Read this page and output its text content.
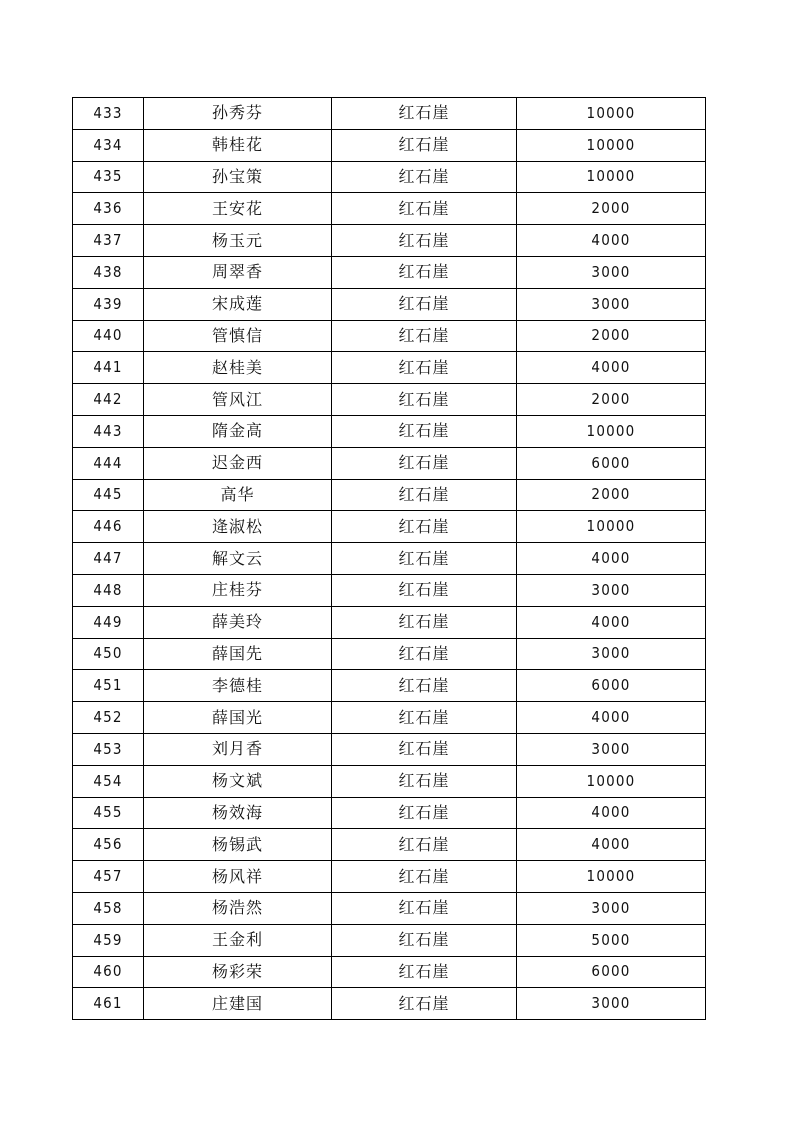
433	孙秀芬	红石崖	10000
434	韩桂花	红石崖	10000
435	孙宝策	红石崖	10000
436	王安花	红石崖	2000
437	杨玉元	红石崖	4000
438	周翠香	红石崖	3000
439	宋成莲	红石崖	3000
440	管慎信	红石崖	2000
441	赵桂美	红石崖	4000
442	管风江	红石崖	2000
443	隋金高	红石崖	10000
444	迟金西	红石崖	6000
445	高华	红石崖	2000
446	逄淑松	红石崖	10000
447	解文云	红石崖	4000
448	庄桂芬	红石崖	3000
449	薛美玲	红石崖	4000
450	薛国先	红石崖	3000
451	李德桂	红石崖	6000
452	薛国光	红石崖	4000
453	刘月香	红石崖	3000
454	杨文斌	红石崖	10000
455	杨效海	红石崖	4000
456	杨锡武	红石崖	4000
457	杨风祥	红石崖	10000
458	杨浩然	红石崖	3000
459	王金利	红石崖	5000
460	杨彩荣	红石崖	6000
461	庄建国	红石崖	3000
